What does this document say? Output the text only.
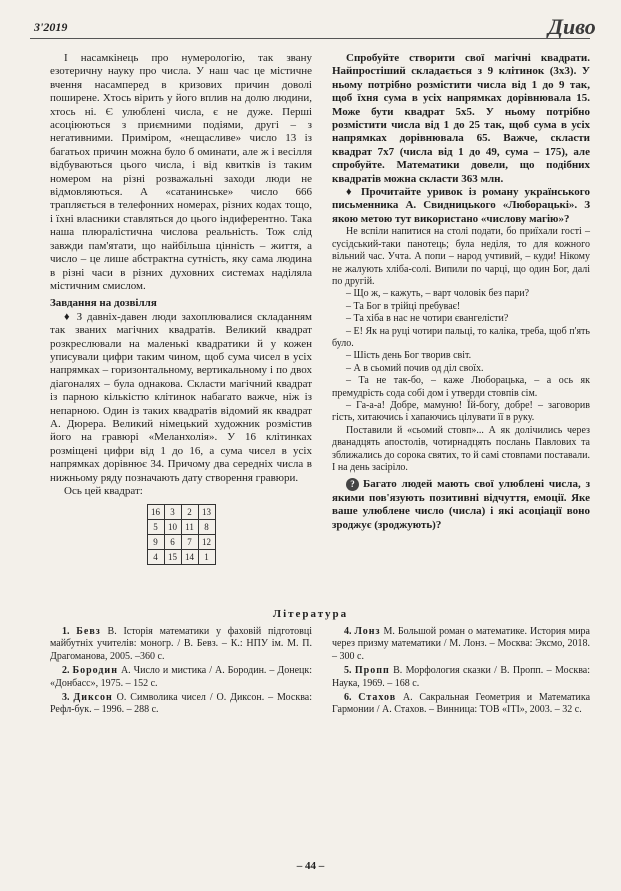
3'2019	Диво

І насамкінець про нумерологію, так звану езотеричну науку про числа. У наш час це містичне вчення насамперед в кризових причин доволі поширене. Хтось вірить у його вплив на долю людини, хтось ні. Є улюблені числа, є не дуже. Перші асоціюються з приємними подіями, другі – з негативними. Приміром, «нещасливе» число 13 із багатьох причин можна було б оминати, але ж і весілля відбуваються цього числа, і від квитків із таким номером на різні розважальні заходи люди не відмовляються. А «сатанинське» число 666 трапляється в телефонних номерах, різних кодах тощо, і їхні власники ставляться до цього індиферентно. Така наша плюралістична числова реальність. Тож слід завжди пам'ятати, що найбільша цінність – життя, а число – це лише абстрактна сутність, яку сама людина в різні часи в різних духовних системах наділяла містичним смислом.

Завдання на дозвілля

♦ З давніх-давен люди захоплювалися складанням так званих магічних квадратів. Великий квадрат розкреслювали на маленькі квадратики й у кожен уписували цифри таким чином, щоб сума чисел в усіх напрямках – горизонтальному, вертикальному і по двох діагоналях – була однакова. Скласти магічний квадрат із парною кількістю клітинок набагато важче, ніж із непарною. Один із таких квадратів відомий як квадрат А. Дюрера. Великий німецький художник розмістив його на гравюрі «Меланхолія». У 16 клітинках розміщені цифри від 1 до 16, а сума чисел в усіх напрямках дорівнює 34. Причому два середніх числа в нижньому ряду позначають дату створення гравюри.

Ось цей квадрат:

16	3	2	13
5	10	11	8
9	6	7	12
4	15	14	1

Спробуйте створити свої магічні квадрати. Найпростіший складається з 9 клітинок (3х3). У ньому потрібно розмістити числа від 1 до 9 так, щоб їхня сума в усіх напрямках дорівнювала 15. Може бути квадрат 5х5. У ньому потрібно розмістити числа від 1 до 25 так, щоб сума в усіх напрямках дорівнювала 65. Важче, скласти квадрат 7х7 (числа від 1 до 49, сума – 175), але спробуйте. Математики довели, що подібних квадратів можна скласти 363 млн.

♦ Прочитайте уривок із роману українського письменника А. Свидницького «Люборацькі». З якою метою тут використано «числову магію»?

Не вспіли напитися на столі подати, бо приїхали гості – сусідський-таки панотець; була неділя, то для кожного вільний час. Учта. А попи – народ учтивий, – куди! Нікому не жалують хліба-солі. Випили по чарці, що один Бог, далі по другій.

– Що ж, – кажуть, – варт чоловік без пари?

– Та Бог в трійці пребуває!

– Та хіба в нас не чотири євангелісти?

– Е! Як на руці чотири пальці, то каліка, треба, щоб п'ять було.

– Шість день Бог творив світ.

– А в сьомий почив од діл своїх.

– Та не так-бо, – каже Люборацька, – а ось як премудрість сода собі дом і утверди стовпів сім.

– Га-а-а! Добре, мамуню! Їй-богу, добре! – заговорив гість, хитаючись і хапаючись цілувати її в руку.

Поставили й «сьомий стовп»... А як долічились через дванадцять апостолів, чотирнадцять послань Павлових та зближались до сорока святих, то й самі стовпами поставали. І на день засіріло.

? Багато людей мають свої улюблені числа, з якими пов'язують позитивні відчуття, емоції. Яке ваше улюблене число (числа) і які асоціації воно зроджує (зроджують)?

Література

1. Бевз В. Історія математики у фаховій підготовці майбутніх учителів: моногр. / В. Бевз. – К.: НПУ ім. М. П. Драгоманова, 2005. –360 с.

2. Бородин А. Число и мистика / А. Бородин. – Донецк: «Донбасс», 1975. – 152 с.

3. Диксон О. Символика чисел / О. Диксон. – Москва: Рефл-бук. – 1996. – 288 с.

4. Лонз М. Большой роман о математике. История мира через призму математики / М. Лонз. – Москва: Эксмо, 2018. – 300 с.

5. Пропп В. Морфология сказки / В. Пропп. – Москва: Наука, 1969. – 168 с.

6. Стахов А. Сакральная Геометрия и Математика Гармонии / А. Стахов. – Винница: ТОВ «ІТІ», 2003. – 32 с.

– 44 –
